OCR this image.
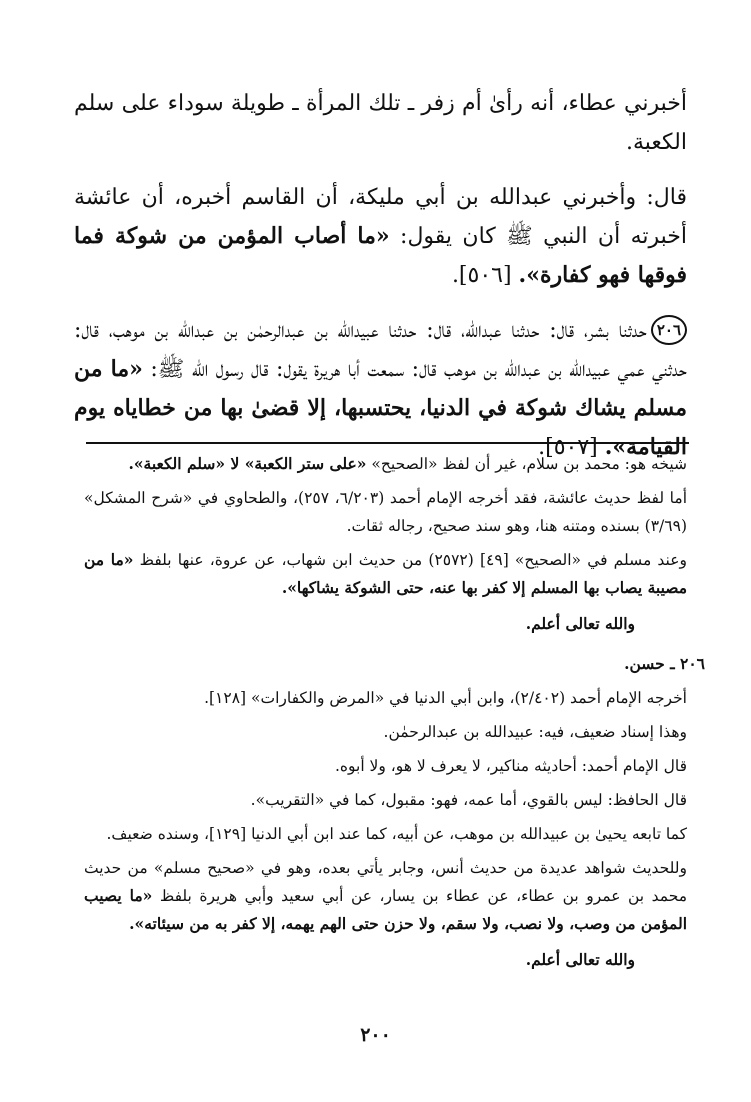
أخبرني عطاء، أنه رأىٰ أم زفر ـ تلك المرأة ـ طويلة سوداء على سلم الكعبة.

قال: وأخبرني عبدالله بن أبي مليكة، أن القاسم أخبره، أن عائشة أخبرته أن النبي ﷺ كان يقول: «ما أصاب المؤمن من شوكة فما فوقها فهو كفارة». [٥٠٦].

٢٠٦حدثنا بشر، قال: حدثنا عبدالله، قال: حدثنا عبيدالله بن عبدالرحمٰن بن عبدالله بن موهب، قال: حدثني عمي عبيدالله بن عبدالله بن موهب قال: سمعت أبا هريرة يقول: قال رسول الله ﷺ: «ما من مسلم يشاك شوكة في الدنيا، يحتسبها، إلا قضىٰ بها من خطاياه يوم القيامة». [٥٠٧].

شيخه هو: محمد بن سلام، غير أن لفظ «الصحيح» «على ستر الكعبة» لا «سلم الكعبة».

أما لفظ حديث عائشة، فقد أخرجه الإمام أحمد (٦/٢٠٣، ٢٥٧)، والطحاوي في «شرح المشكل» (٣/٦٩) بسنده ومتنه هنا، وهو سند صحيح، رجاله ثقات.

وعند مسلم في «الصحيح» [٤٩] (٢٥٧٢) من حديث ابن شهاب، عن عروة، عنها بلفظ «ما من مصيبة يصاب بها المسلم إلا كفر بها عنه، حتى الشوكة يشاكها».

والله تعالى أعلم.

٢٠٦ ـ حسن.

أخرجه الإمام أحمد (٢/٤٠٢)، وابن أبي الدنيا في «المرض والكفارات» [١٢٨].

وهذا إسناد ضعيف، فيه: عبيدالله بن عبدالرحمٰن.

قال الإمام أحمد: أحاديثه مناكير، لا يعرف لا هو، ولا أبوه.

قال الحافظ: ليس بالقوي، أما عمه، فهو: مقبول، كما في «التقريب».

كما تابعه يحيىٰ بن عبيدالله بن موهب، عن أبيه، كما عند ابن أبي الدنيا [١٢٩]، وسنده ضعيف.

وللحديث شواهد عديدة من حديث أنس، وجابر يأتي بعده، وهو في «صحيح مسلم» من حديث محمد بن عمرو بن عطاء، عن عطاء بن يسار، عن أبي سعيد وأبي هريرة بلفظ «ما يصيب المؤمن من وصب، ولا نصب، ولا سقم، ولا حزن حتى الهم يهمه، إلا كفر به من سيئاته».

والله تعالى أعلم.

٢٠٠
